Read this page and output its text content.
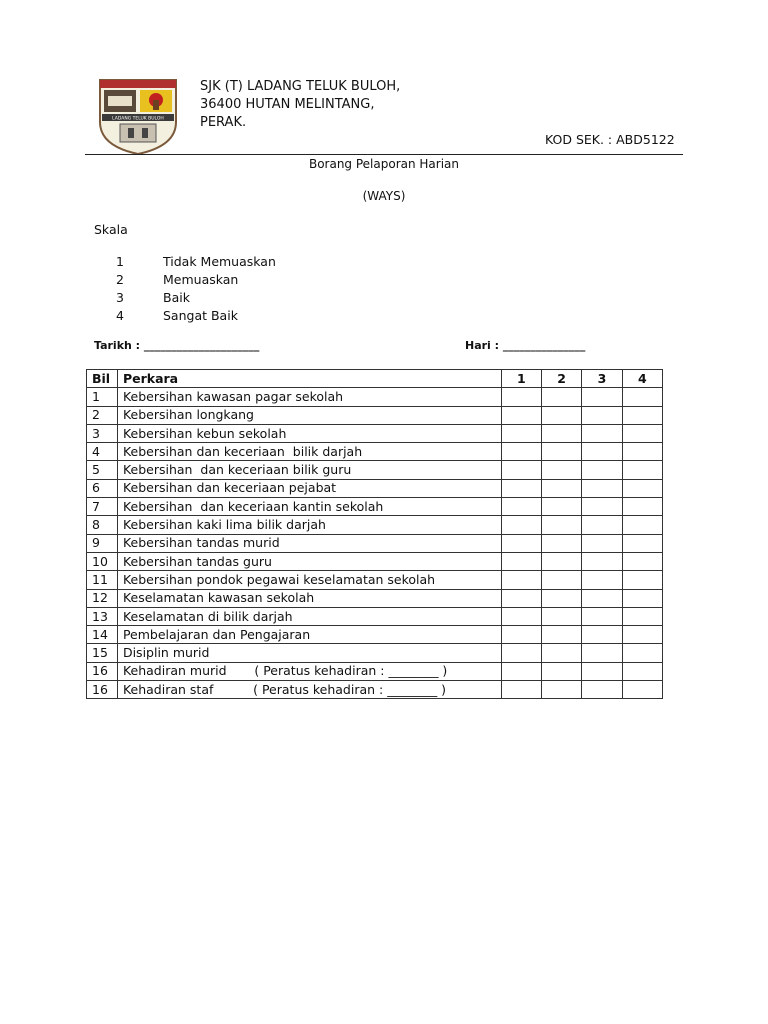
LADANG TELUK BULOH
SJK (T) LADANG TELUK BULOH,
36400 HUTAN MELINTANG,
PERAK.
KOD SEK. : ABD5122
Borang Pelaporan Harian
(WAYS)
Skala
1	Tidak Memuaskan
2	Memuaskan
3	Baik
4	Sangat Baik
Tarikh : _____________________	Hari : _______________
Bil	Perkara	1	2	3	4
1	Kebersihan kawasan pagar sekolah				
2	Kebersihan longkang				
3	Kebersihan kebun sekolah				
4	Kebersihan dan keceriaan  bilik darjah				
5	Kebersihan  dan keceriaan bilik guru				
6	Kebersihan dan keceriaan pejabat				
7	Kebersihan  dan keceriaan kantin sekolah				
8	Kebersihan kaki lima bilik darjah				
9	Kebersihan tandas murid				
10	Kebersihan tandas guru				
11	Kebersihan pondok pegawai keselamatan sekolah				
12	Keselamatan kawasan sekolah				
13	Keselamatan di bilik darjah				
14	Pembelajaran dan Pengajaran				
15	Disiplin murid				
16	Kehadiran murid       ( Peratus kehadiran : ________ )				
16	Kehadiran staf          ( Peratus kehadiran : ________ )				
